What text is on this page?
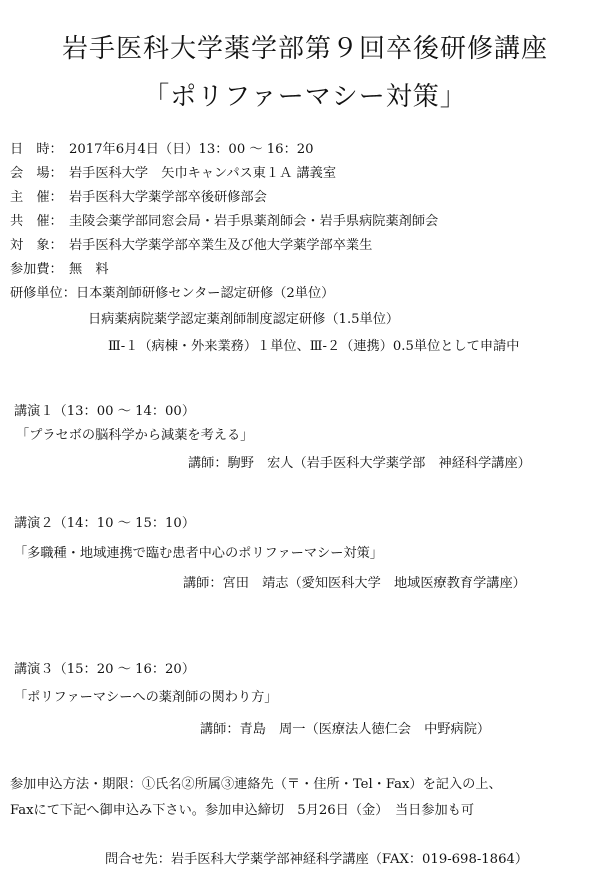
岩手医科大学薬学部第９回卒後研修講座
「ポリファーマシー対策」
日　時： 2017年6月4日（日）13：00 ～ 16：20
会　場： 岩手医科大学　矢巾キャンパス東１Ａ 講義室
主　催： 岩手医科大学薬学部卒後研修部会
共　催： 圭陵会薬学部同窓会局・岩手県薬剤師会・岩手県病院薬剤師会
対　象： 岩手医科大学薬学部卒業生及び他大学薬学部卒業生
参加費： 無　料
研修単位：日本薬剤師研修センター認定研修（2単位）
日病薬病院薬学認定薬剤師制度認定研修（1.5単位）
Ⅲ-１（病棟・外来業務）１単位、Ⅲ-２（連携）0.5単位として申請中
講演１（13：00 ～ 14：00）
「プラセボの脳科学から減薬を考える」
講師：駒野　宏人（岩手医科大学薬学部　神経科学講座）
講演２（14：10 ～ 15：10）
「多職種・地域連携で臨む患者中心のポリファーマシー対策」
講師：宮田　靖志（愛知医科大学　地域医療教育学講座）
講演３（15：20 ～ 16：20）
「ポリファーマシーへの薬剤師の関わり方」
講師：青島　周一（医療法人徳仁会　中野病院）
参加申込方法・期限：①氏名②所属③連絡先（〒・住所・Tel・Fax）を記入の上、
Faxにて下記へ御申込み下さい。参加申込締切　5月26日（金）　当日参加も可
問合せ先：岩手医科大学薬学部神経科学講座（FAX：019-698-1864）
